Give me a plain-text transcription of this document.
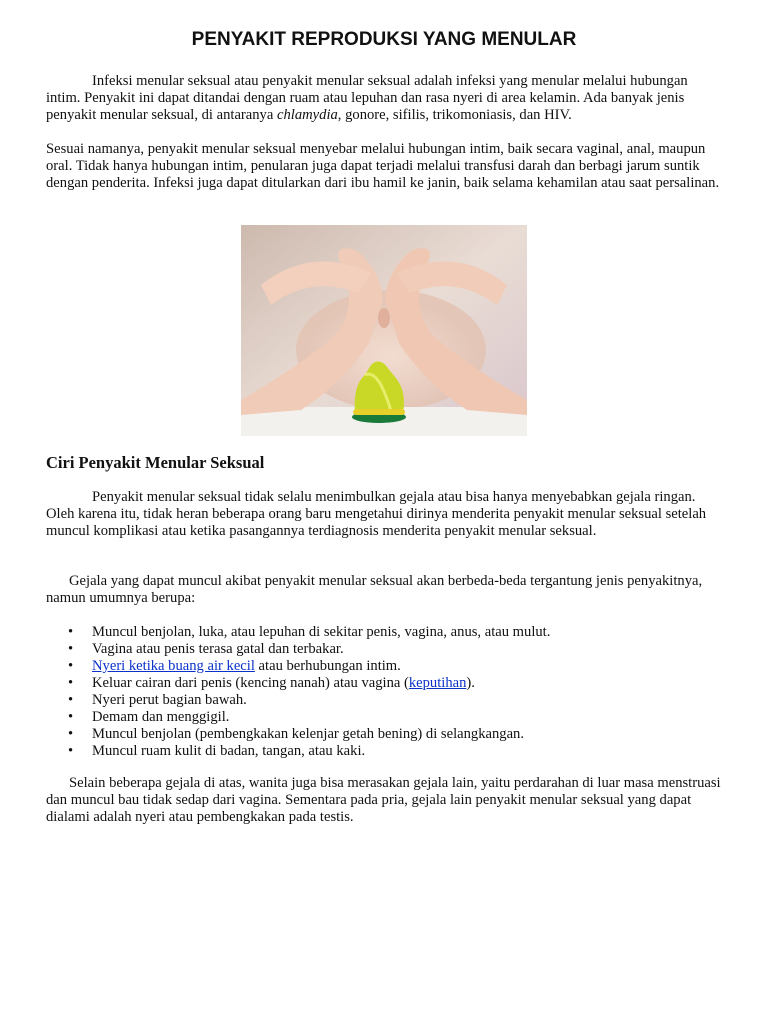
PENYAKIT REPRODUKSI YANG MENULAR

Infeksi menular seksual atau penyakit menular seksual adalah infeksi yang menular melalui hubungan intim. Penyakit ini dapat ditandai dengan ruam atau lepuhan dan rasa nyeri di area kelamin. Ada banyak jenis penyakit menular seksual, di antaranya chlamydia, gonore, sifilis, trikomoniasis, dan HIV.

Sesuai namanya, penyakit menular seksual menyebar melalui hubungan intim, baik secara vaginal, anal, maupun oral. Tidak hanya hubungan intim, penularan juga dapat terjadi melalui transfusi darah dan berbagi jarum suntik dengan penderita. Infeksi juga dapat ditularkan dari ibu hamil ke janin, baik selama kehamilan atau saat persalinan.

Ciri Penyakit Menular Seksual

Penyakit menular seksual tidak selalu menimbulkan gejala atau bisa hanya menyebabkan gejala ringan. Oleh karena itu, tidak heran beberapa orang baru mengetahui dirinya menderita penyakit menular seksual setelah muncul komplikasi atau ketika pasangannya terdiagnosis menderita penyakit menular seksual.

Gejala yang dapat muncul akibat penyakit menular seksual akan berbeda-beda tergantung jenis penyakitnya, namun umumnya berupa:

• Muncul benjolan, luka, atau lepuhan di sekitar penis, vagina, anus, atau mulut.
• Vagina atau penis terasa gatal dan terbakar.
• Nyeri ketika buang air kecil atau berhubungan intim.
• Keluar cairan dari penis (kencing nanah) atau vagina (keputihan).
• Nyeri perut bagian bawah.
• Demam dan menggigil.
• Muncul benjolan (pembengkakan kelenjar getah bening) di selangkangan.
• Muncul ruam kulit di badan, tangan, atau kaki.

Selain beberapa gejala di atas, wanita juga bisa merasakan gejala lain, yaitu perdarahan di luar masa menstruasi dan muncul bau tidak sedap dari vagina. Sementara pada pria, gejala lain penyakit menular seksual yang dapat dialami adalah nyeri atau pembengkakan pada testis.
